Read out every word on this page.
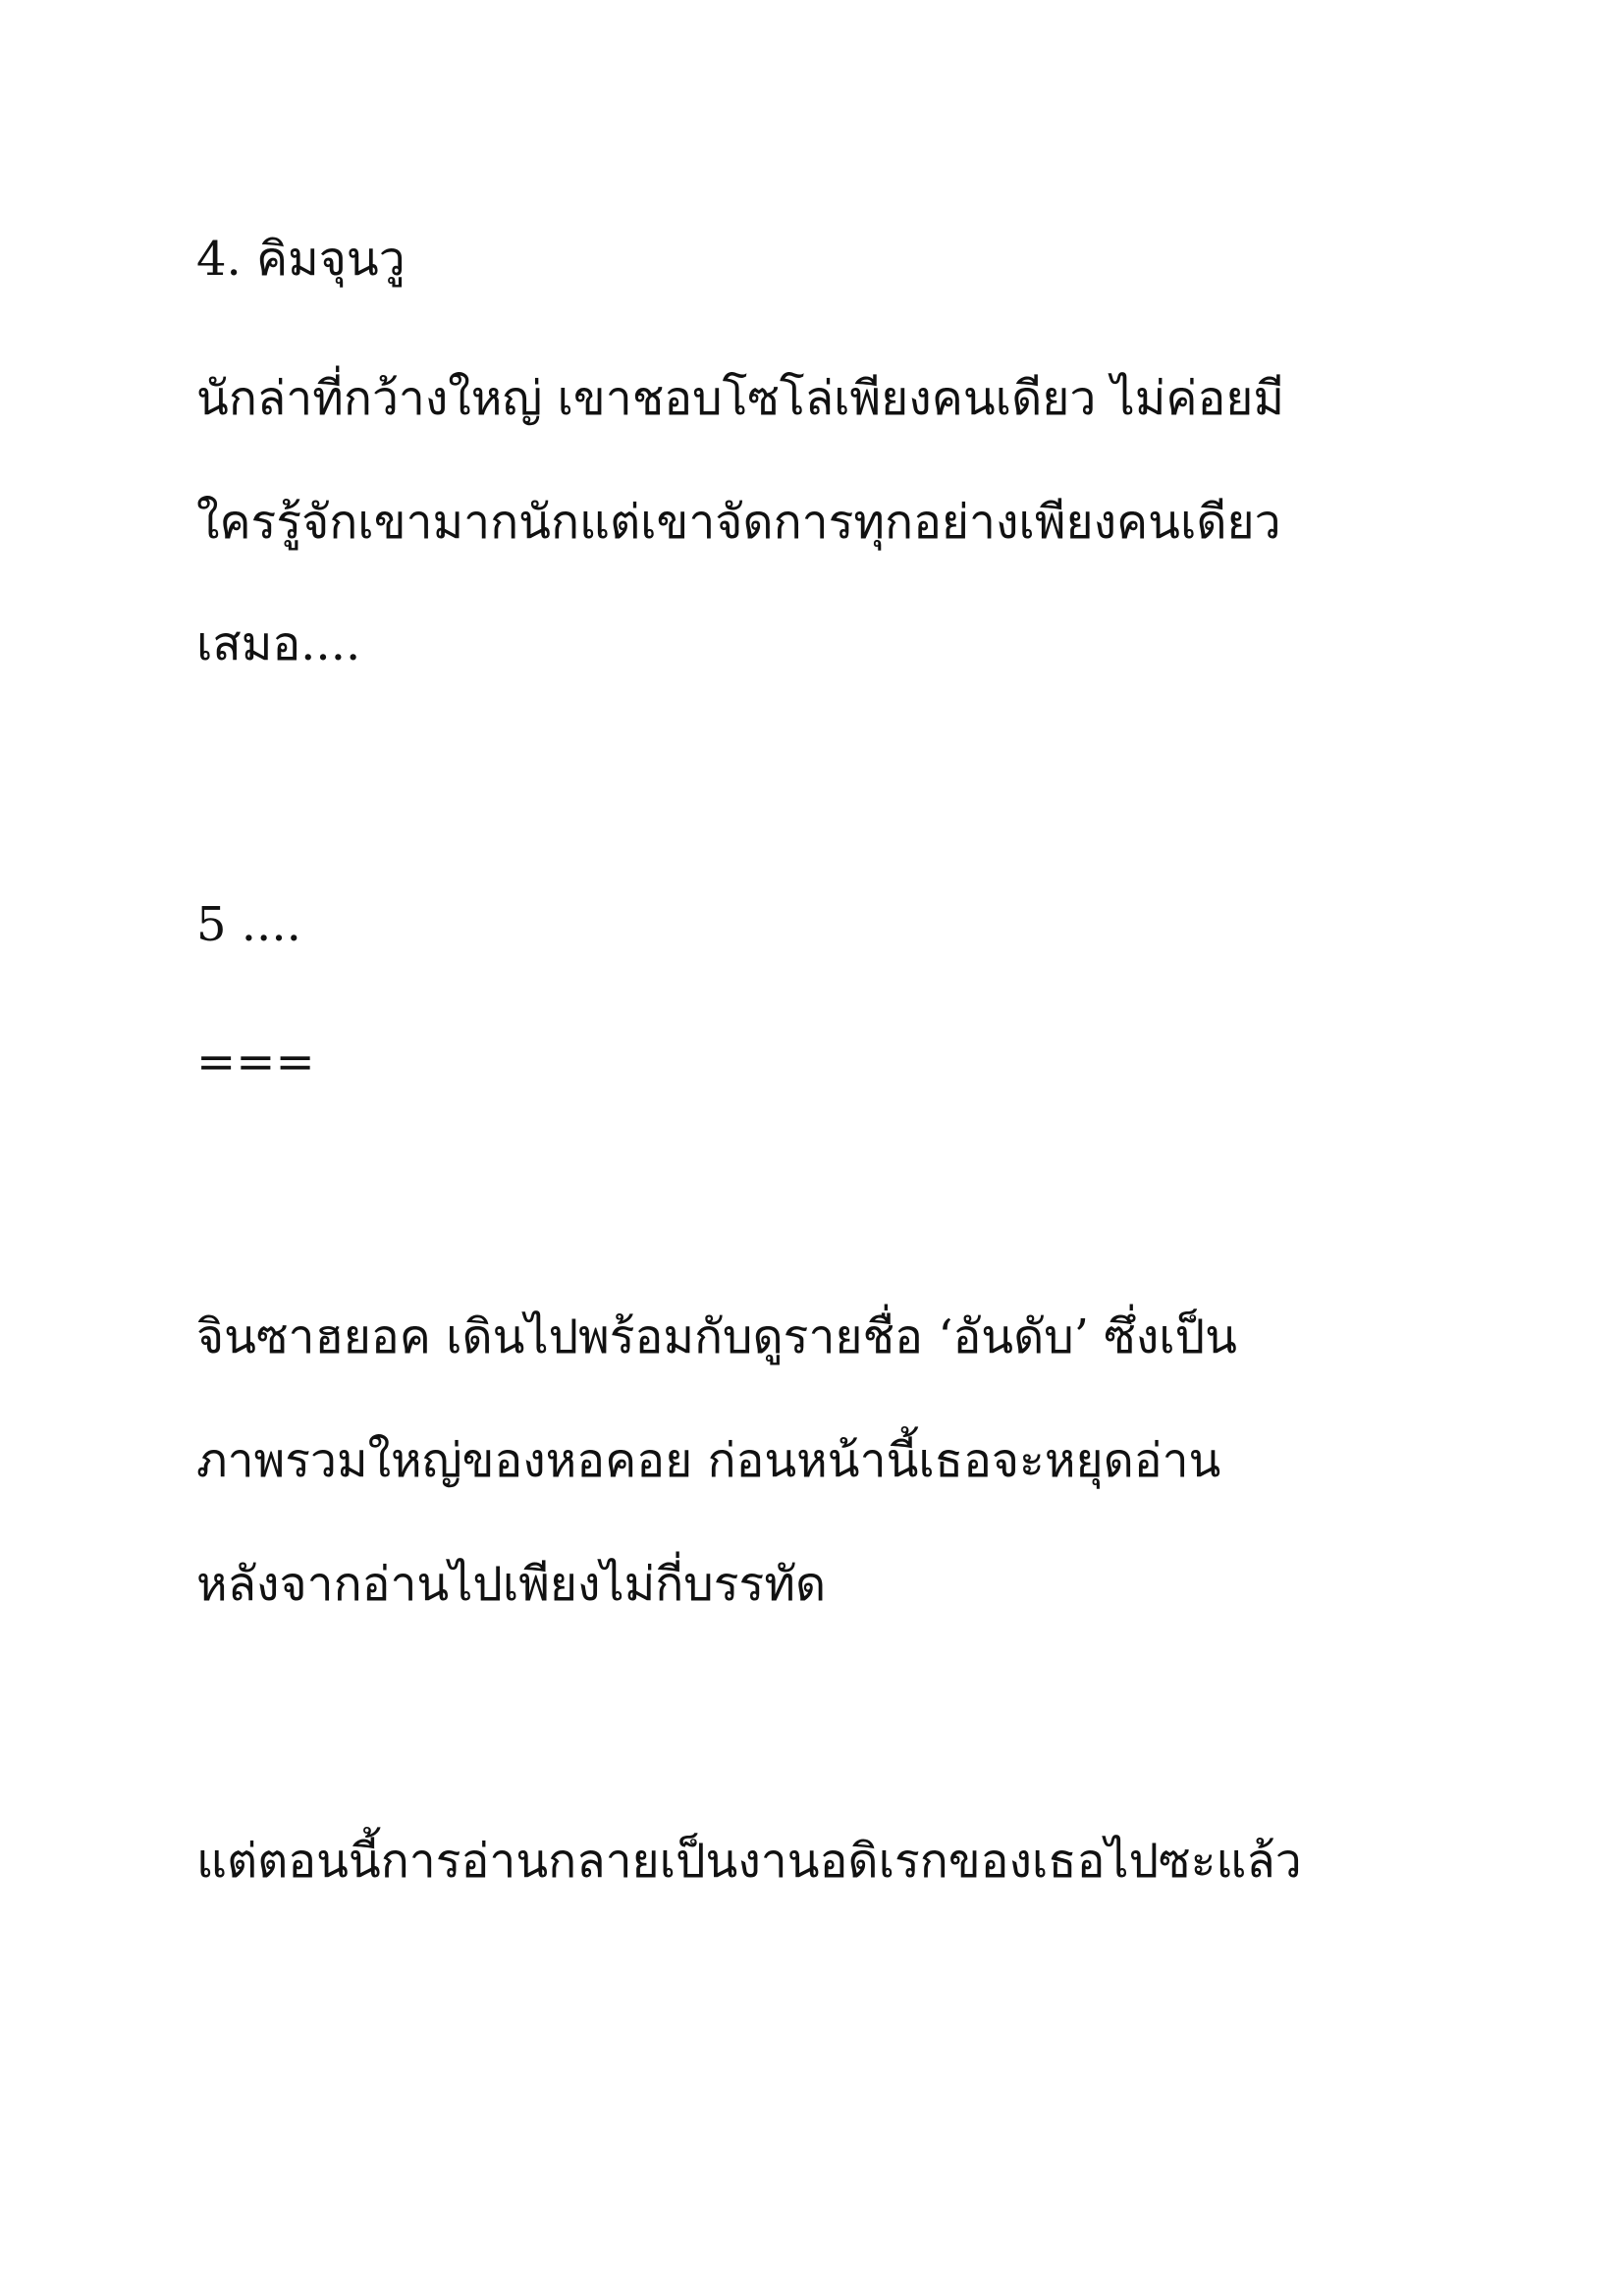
4. คิมจุนวู

นักล่าที่กว้างใหญ่ เขาชอบโซโล่เพียงคนเดียว ไม่ค่อยมี

ใครรู้จักเขามากนักแต่เขาจัดการทุกอย่างเพียงคนเดียว

เสมอ....

5 ....

===

จินซาฮยอค เดินไปพร้อมกับดูรายชื่อ ‘อันดับ’ ซึ่งเป็น

ภาพรวมใหญ่ของหอคอย ก่อนหน้านี้เธอจะหยุดอ่าน

หลังจากอ่านไปเพียงไม่กี่บรรทัด

แต่ตอนนี้การอ่านกลายเป็นงานอดิเรกของเธอไปซะแล้ว
